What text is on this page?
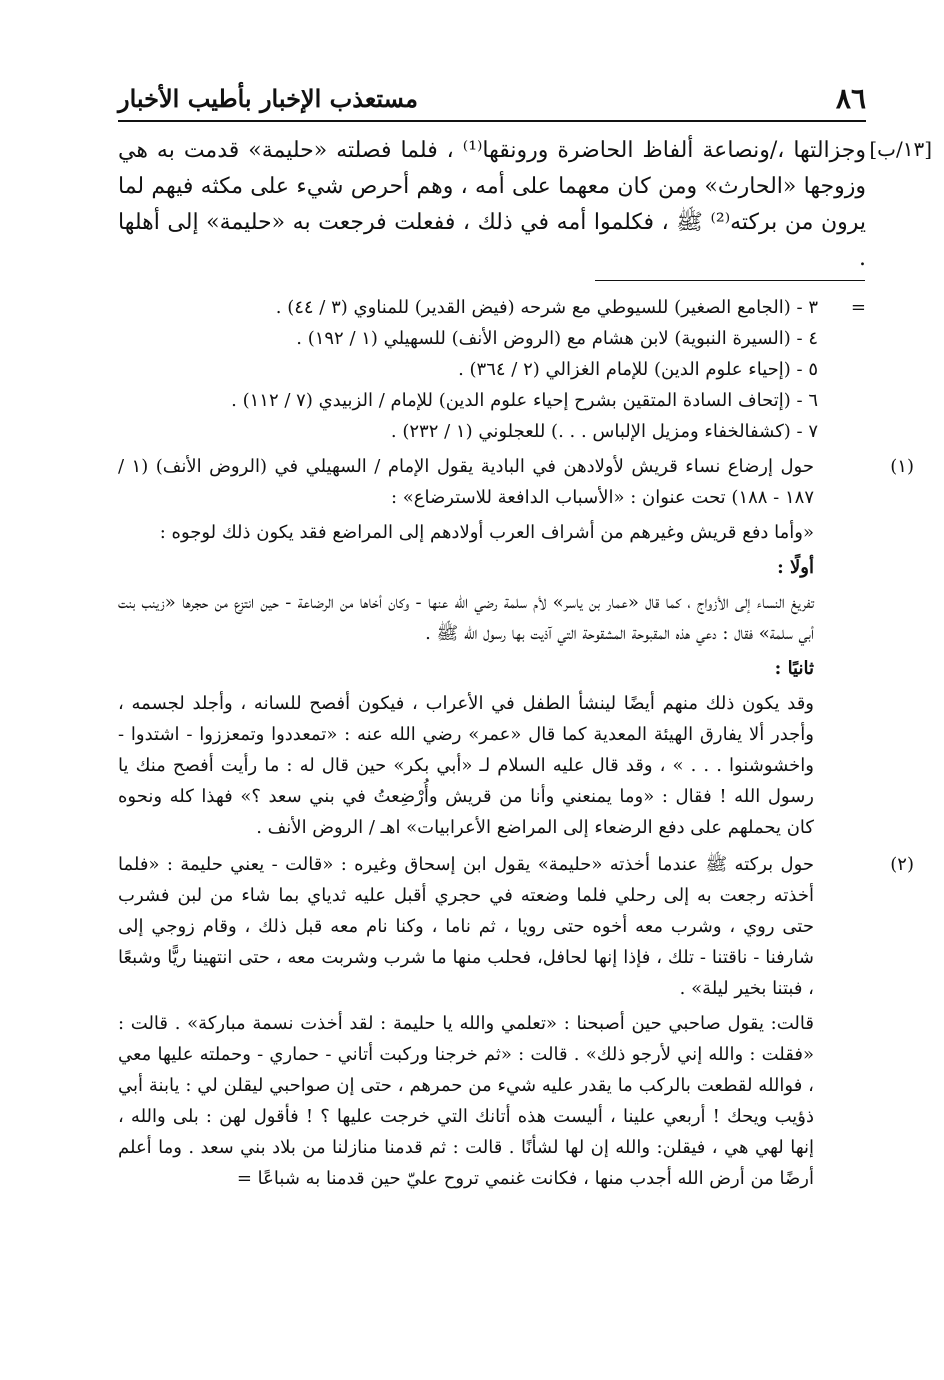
٨٦
مستعذب الإخبار بأطيب الأخبار
[١٣/ب]

وجزالتها ،/ونصاعة ألفاظ الحاضرة ورونقها⁽¹⁾ ، فلما فصلته «حليمة» قدمت به هي وزوجها «الحارث» ومن كان معهما على أمه ، وهم أحرص شيء على مكثه فيهم لما يرون من بركته⁽²⁾ ﷺ ، فكلموا أمه في ذلك ، ففعلت فرجعت به «حليمة» إلى أهلها .

=

٣ - (الجامع الصغير) للسيوطي مع شرحه (فيض القدير) للمناوي (٣ / ٤٤) .

٤ - (السيرة النبوية) لابن هشام مع (الروض الأنف) للسهيلي (١ / ١٩٢) .

٥ - (إحياء علوم الدين) للإمام الغزالي (٢ / ٣٦٤) .

٦ - (إتحاف السادة المتقين بشرح إحياء علوم الدين) للإمام / الزبيدي (٧ / ١١٢) .

٧ - (كشفالخفاء ومزيل الإلباس . . .) للعجلوني (١ / ٢٣٢) .

(١)

حول إرضاع نساء قريش لأولادهن في البادية يقول الإمام / السهيلي في (الروض الأنف) (١ / ١٨٧ - ١٨٨) تحت عنوان : «الأسباب الدافعة للاسترضاع» :

«وأما دفع قريش وغيرهم من أشراف العرب أولادهم إلى المراضع فقد يكون ذلك لوجوه :

أولًا :

تفريغ النساء إلى الأزواج ، كما قال «عمار بن ياسر» لأم سلمة رضي الله عنها - وكان أخاها من الرضاعة - حين انتزع من حجرها «زينب بنت أبي سلمة» فقال : دعي هذه المقبوحة المشقوحة التي آذيت بها رسول الله ﷺ .

ثانيًا :

وقد يكون ذلك منهم أيضًا لينشأ الطفل في الأعراب ، فيكون أفصح للسانه ، وأجلد لجسمه ، وأجدر ألا يفارق الهيئة المعدية كما قال «عمر» رضي الله عنه : «تمعددوا وتمعززوا - اشتدوا - واخشوشنوا . . . » ، وقد قال عليه السلام لـ «أبي بكر» حين قال له : ما رأيت أفصح منك يا رسول الله ! فقال : «وما يمنعني وأنا من قريش وأُرْضِعتُ في بني سعد ؟» فهذا كله ونحوه كان يحملهم على دفع الرضعاء إلى المراضع الأعرابيات» اهـ / الروض الأنف .

(٢)

حول بركته ﷺ عندما أخذته «حليمة» يقول ابن إسحاق وغيره : «قالت - يعني حليمة : «فلما أخذته رجعت به إلى رحلي فلما وضعته في حجري أقبل عليه ثدياي بما شاء من لبن فشرب حتى روي ، وشرب معه أخوه حتى رويا ، ثم ناما ، وكنا نام معه قبل ذلك ، وقام زوجي إلى شارفنا - ناقتنا - تلك ، فإذا إنها لحافل، فحلب منها ما شرب وشربت معه ، حتى انتهينا ريًّا وشبعًا ، فبتنا بخير ليلة» .

قالت: يقول صاحبي حين أصبحنا : «تعلمي والله يا حليمة : لقد أخذت نسمة مباركة» . قالت : «فقلت : والله إني لأرجو ذلك» . قالت : «ثم خرجنا وركبت أتاني - حماري - وحملته عليها معي ، فوالله لقطعت بالركب ما يقدر عليه شيء من حمرهم ، حتى إن صواحبي ليقلن لي : يابنة أبي ذؤيب ويحك ! أربعي علينا ، أليست هذه أتانك التي خرجت عليها ؟ ! فأقول لهن : بلى والله ، إنها لهي هي ، فيقلن: والله إن لها لشأنًا . قالت : ثم قدمنا منازلنا من بلاد بني سعد . وما أعلم أرضًا من أرض الله أجدب منها ، فكانت غنمي تروح عليّ حين قدمنا به شباعًا =
